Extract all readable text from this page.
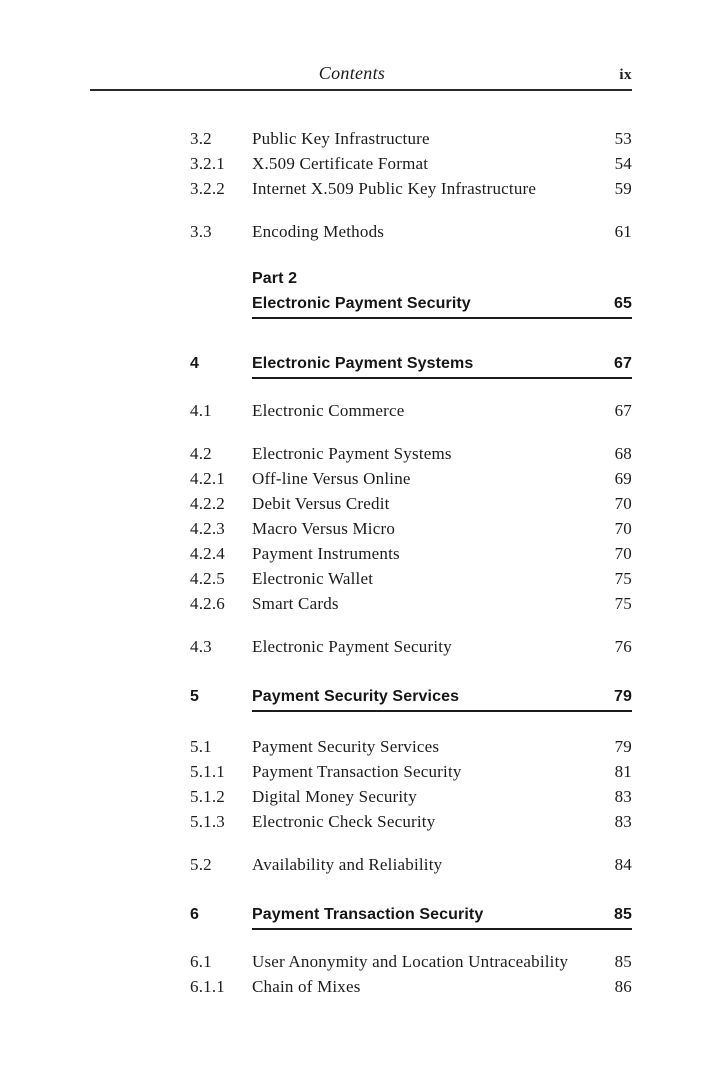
Contents	ix
3.2	Public Key Infrastructure	53
3.2.1	X.509 Certificate Format	54
3.2.2	Internet X.509 Public Key Infrastructure	59
3.3	Encoding Methods	61
Part 2
Electronic Payment Security	65
4	Electronic Payment Systems	67
4.1	Electronic Commerce	67
4.2	Electronic Payment Systems	68
4.2.1	Off-line Versus Online	69
4.2.2	Debit Versus Credit	70
4.2.3	Macro Versus Micro	70
4.2.4	Payment Instruments	70
4.2.5	Electronic Wallet	75
4.2.6	Smart Cards	75
4.3	Electronic Payment Security	76
5	Payment Security Services	79
5.1	Payment Security Services	79
5.1.1	Payment Transaction Security	81
5.1.2	Digital Money Security	83
5.1.3	Electronic Check Security	83
5.2	Availability and Reliability	84
6	Payment Transaction Security	85
6.1	User Anonymity and Location Untraceability	85
6.1.1	Chain of Mixes	86
